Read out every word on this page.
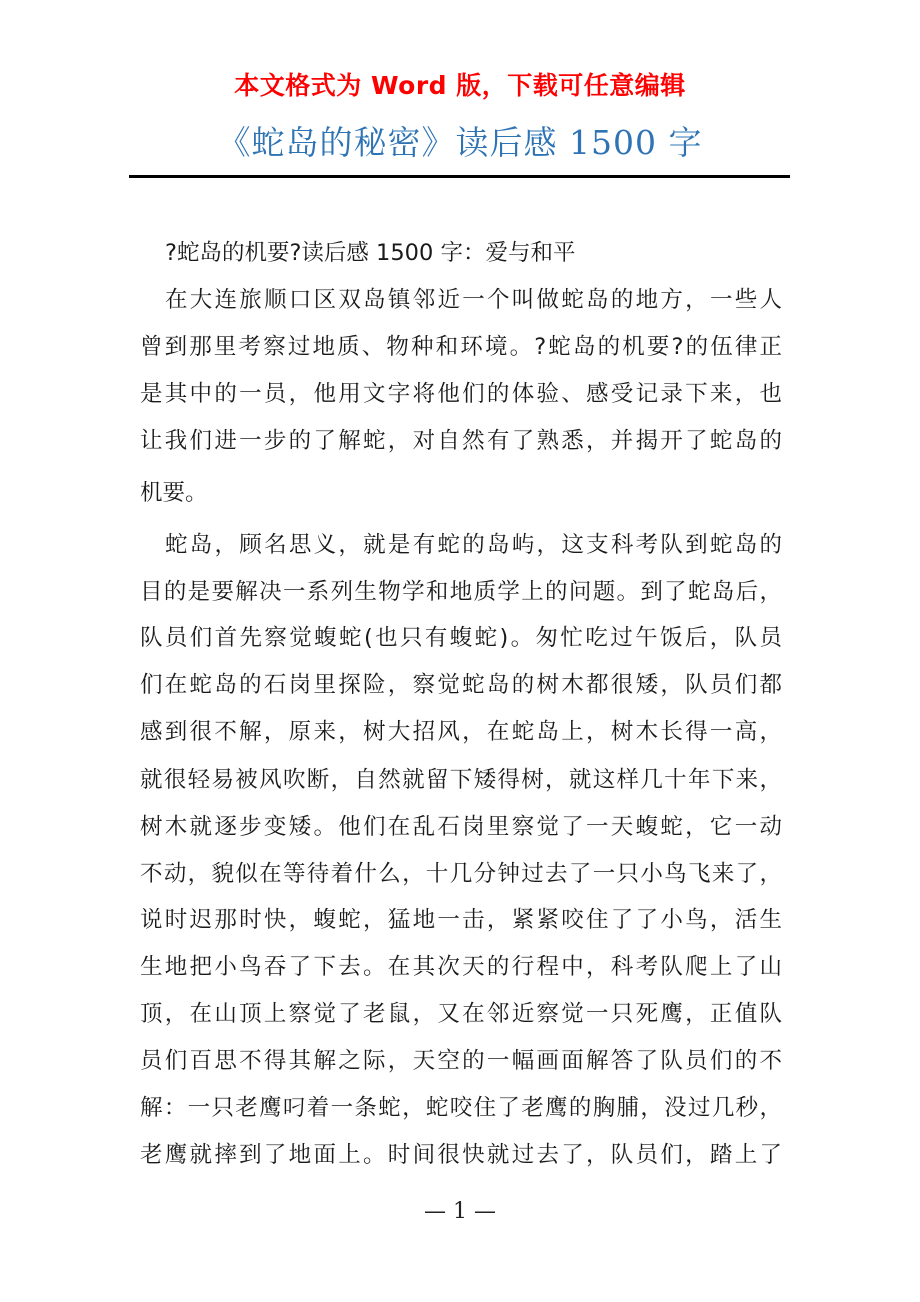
本文格式为 Word 版，下载可任意编辑
《蛇岛的秘密》读后感 1500 字
?蛇岛的机要?读后感 1500 字：爱与和平
在大连旅顺口区双岛镇邻近一个叫做蛇岛的地方，一些人
曾到那里考察过地质、物种和环境。?蛇岛的机要?的伍律正
是其中的一员，他用文字将他们的体验、感受记录下来，也
让我们进一步的了解蛇，对自然有了熟悉，并揭开了蛇岛的
机要。
蛇岛，顾名思义，就是有蛇的岛屿，这支科考队到蛇岛的
目的是要解决一系列生物学和地质学上的问题。到了蛇岛后，
队员们首先察觉蝮蛇(也只有蝮蛇)。匆忙吃过午饭后，队员
们在蛇岛的石岗里探险，察觉蛇岛的树木都很矮，队员们都
感到很不解，原来，树大招风，在蛇岛上，树木长得一高，
就很轻易被风吹断，自然就留下矮得树，就这样几十年下来，
树木就逐步变矮。他们在乱石岗里察觉了一天蝮蛇，它一动
不动，貌似在等待着什么，十几分钟过去了一只小鸟飞来了，
说时迟那时快，蝮蛇，猛地一击，紧紧咬住了了小鸟，活生
生地把小鸟吞了下去。在其次天的行程中，科考队爬上了山
顶，在山顶上察觉了老鼠，又在邻近察觉一只死鹰，正值队
员们百思不得其解之际，天空的一幅画面解答了队员们的不
解：一只老鹰叼着一条蛇，蛇咬住了老鹰的胸脯，没过几秒，
老鹰就摔到了地面上。时间很快就过去了，队员们，踏上了
— 1 —
